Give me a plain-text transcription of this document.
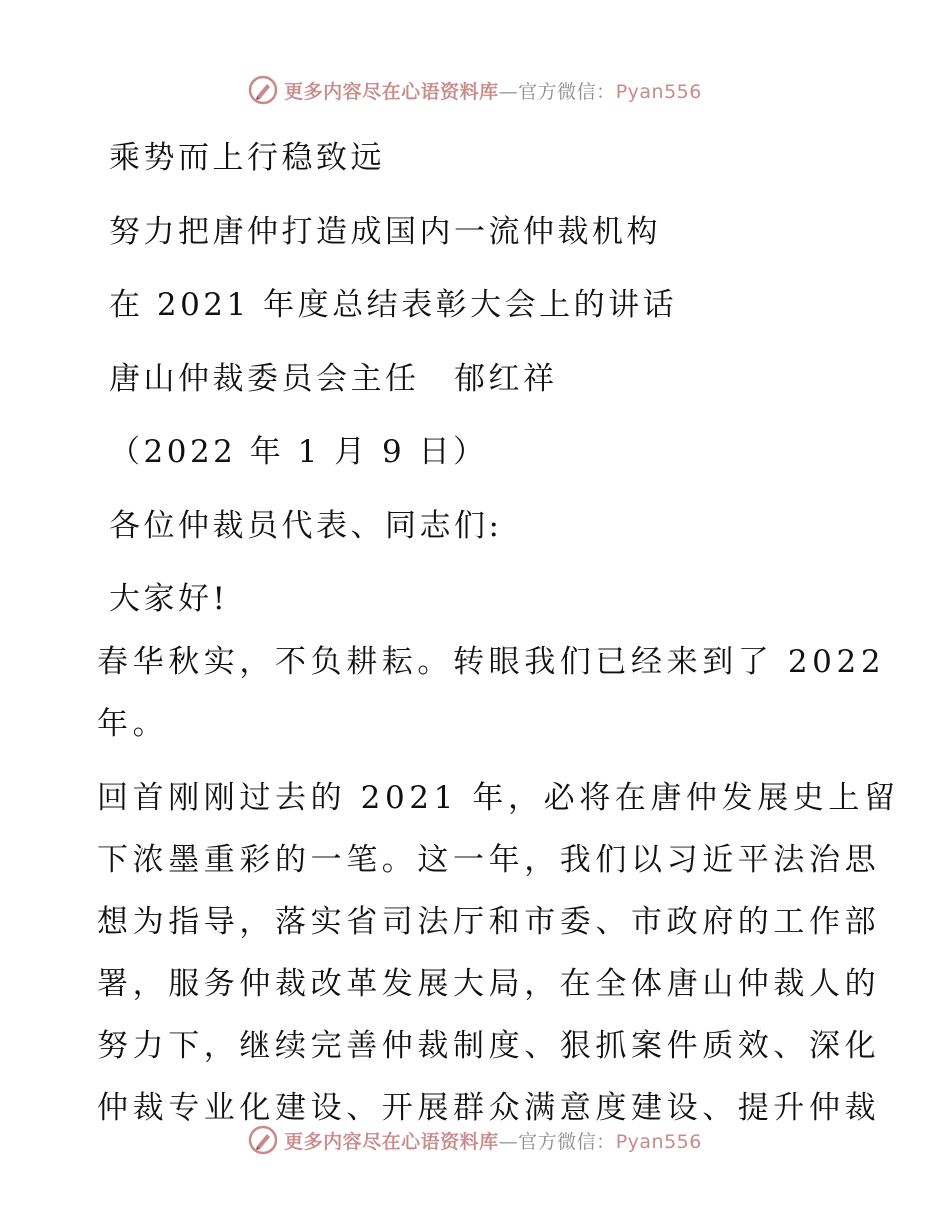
更多内容尽在心语资料库—官方微信：Pyan556

乘势而上行稳致远

努力把唐仲打造成国内一流仲裁机构

在 2021 年度总结表彰大会上的讲话

唐山仲裁委员会主任　郁红祥

（2022 年 1 月 9 日）

各位仲裁员代表、同志们:

大家好!

春华秋实，不负耕耘。转眼我们已经来到了 2022
年。
回首刚刚过去的 2021 年，必将在唐仲发展史上留
下浓墨重彩的一笔。这一年，我们以习近平法治思
想为指导，落实省司法厅和市委、市政府的工作部
署，服务仲裁改革发展大局，在全体唐山仲裁人的
努力下，继续完善仲裁制度、狠抓案件质效、深化
仲裁专业化建设、开展群众满意度建设、提升仲裁
更多内容尽在心语资料库—官方微信：Pyan556
